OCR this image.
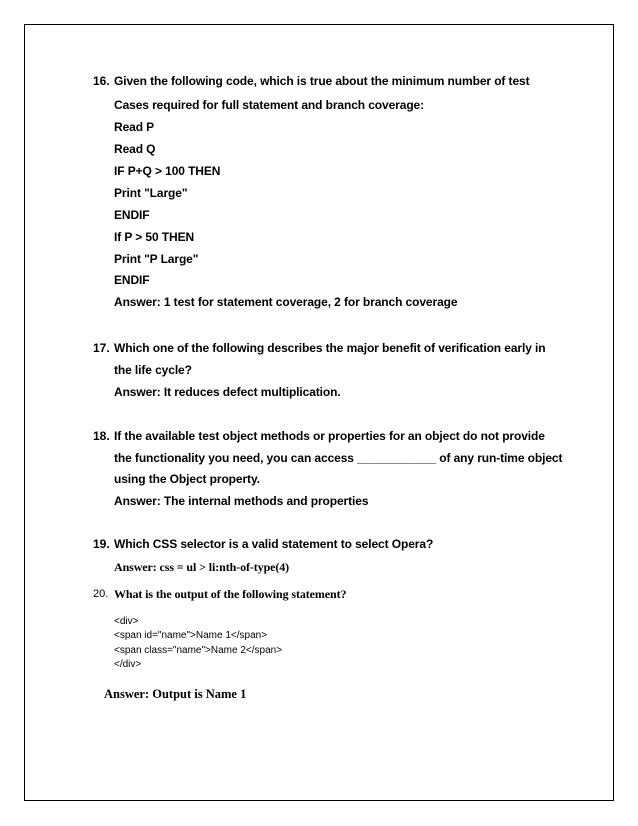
16. Given the following code, which is true about the minimum number of test
Cases required for full statement and branch coverage:
Read P
Read Q
IF P+Q > 100 THEN
Print "Large"
ENDIF
If P > 50 THEN
Print "P Large"
ENDIF
Answer: 1 test for statement coverage, 2 for branch coverage
17. Which one of the following describes the major benefit of verification early in
the life cycle?
Answer: It reduces defect multiplication.
18. If the available test object methods or properties for an object do not provide
the functionality you need, you can access ____________ of any run-time object
using the Object property.
Answer: The internal methods and properties
19. Which CSS selector is a valid statement to select Opera?
Answer: css = ul > li:nth-of-type(4)
20. What is the output of the following statement?
<div>
<span id="name">Name 1</span>
<span class="name">Name 2</span>
</div>
Answer: Output is Name 1
